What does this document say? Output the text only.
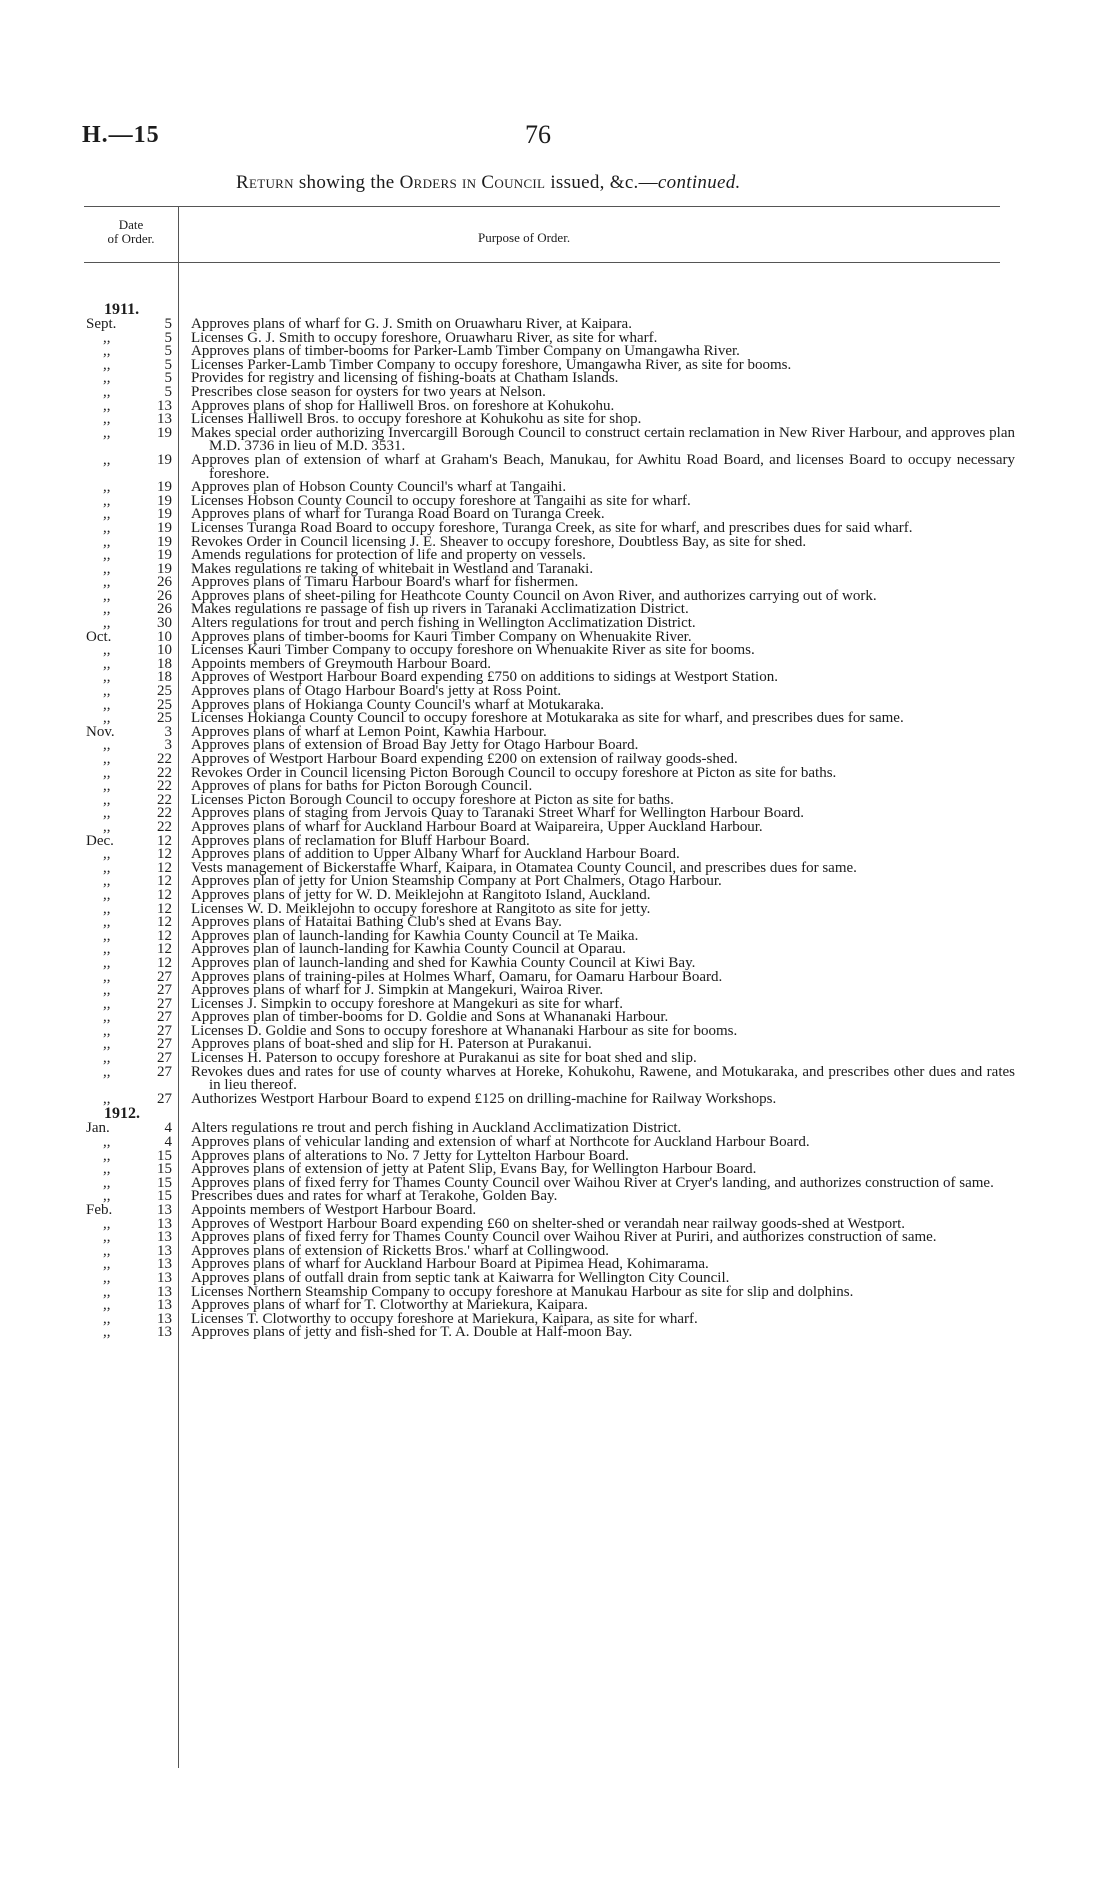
H.—15	76
Return showing the Orders in Council issued, &c.—continued.
Date
of Order.	Purpose of Order.
1911.
Sept.	5 Approves plans of wharf for G. J. Smith on Oruawharu River, at Kaipara.
,,	5 Licenses G. J. Smith to occupy foreshore, Oruawharu River, as site for wharf.
,,	5 Approves plans of timber-booms for Parker-Lamb Timber Company on Umangawha River.
,,	5 Licenses Parker-Lamb Timber Company to occupy foreshore, Umangawha River, as site for booms.
,,	5 Provides for registry and licensing of fishing-boats at Chatham Islands.
,,	5 Prescribes close season for oysters for two years at Nelson.
,,	13 Approves plans of shop for Halliwell Bros. on foreshore at Kohukohu.
,,	13 Licenses Halliwell Bros. to occupy foreshore at Kohukohu as site for shop.
,,	19 Makes special order authorizing Invercargill Borough Council to construct certain reclamation in New River Harbour, and approves plan M.D. 3736 in lieu of M.D. 3531.
,,	19 Approves plan of extension of wharf at Graham's Beach, Manukau, for Awhitu Road Board, and licenses Board to occupy necessary foreshore.
,,	19 Approves plan of Hobson County Council's wharf at Tangaihi.
,,	19 Licenses Hobson County Council to occupy foreshore at Tangaihi as site for wharf.
,,	19 Approves plans of wharf for Turanga Road Board on Turanga Creek.
,,	19 Licenses Turanga Road Board to occupy foreshore, Turanga Creek, as site for wharf, and prescribes dues for said wharf.
,,	19 Revokes Order in Council licensing J. E. Sheaver to occupy foreshore, Doubtless Bay, as site for shed.
,,	19 Amends regulations for protection of life and property on vessels.
,,	19 Makes regulations re taking of whitebait in Westland and Taranaki.
,,	26 Approves plans of Timaru Harbour Board's wharf for fishermen.
,,	26 Approves plans of sheet-piling for Heathcote County Council on Avon River, and authorizes carrying out of work.
,,	26 Makes regulations re passage of fish up rivers in Taranaki Acclimatization District.
,,	30 Alters regulations for trout and perch fishing in Wellington Acclimatization District.
Oct.	10 Approves plans of timber-booms for Kauri Timber Company on Whenuakite River.
,,	10 Licenses Kauri Timber Company to occupy foreshore on Whenuakite River as site for booms.
,,	18 Appoints members of Greymouth Harbour Board.
,,	18 Approves of Westport Harbour Board expending £750 on additions to sidings at Westport Station.
,,	25 Approves plans of Otago Harbour Board's jetty at Ross Point.
,,	25 Approves plans of Hokianga County Council's wharf at Motukaraka.
,,	25 Licenses Hokianga County Council to occupy foreshore at Motukaraka as site for wharf, and prescribes dues for same.
Nov.	3 Approves plans of wharf at Lemon Point, Kawhia Harbour.
,,	3 Approves plans of extension of Broad Bay Jetty for Otago Harbour Board.
,,	22 Approves of Westport Harbour Board expending £200 on extension of railway goods-shed.
,,	22 Revokes Order in Council licensing Picton Borough Council to occupy foreshore at Picton as site for baths.
,,	22 Approves of plans for baths for Picton Borough Council.
,,	22 Licenses Picton Borough Council to occupy foreshore at Picton as site for baths.
,,	22 Approves plans of staging from Jervois Quay to Taranaki Street Wharf for Wellington Harbour Board.
,,	22 Approves plans of wharf for Auckland Harbour Board at Waipareira, Upper Auckland Harbour.
Dec.	12 Approves plans of reclamation for Bluff Harbour Board.
,,	12 Approves plans of addition to Upper Albany Wharf for Auckland Harbour Board.
,,	12 Vests management of Bickerstaffe Wharf, Kaipara, in Otamatea County Council, and prescribes dues for same.
,,	12 Approves plan of jetty for Union Steamship Company at Port Chalmers, Otago Harbour.
,,	12 Approves plans of jetty for W. D. Meiklejohn at Rangitoto Island, Auckland.
,,	12 Licenses W. D. Meiklejohn to occupy foreshore at Rangitoto as site for jetty.
,,	12 Approves plans of Hataitai Bathing Club's shed at Evans Bay.
,,	12 Approves plan of launch-landing for Kawhia County Council at Te Maika.
,,	12 Approves plan of launch-landing for Kawhia County Council at Oparau.
,,	12 Approves plan of launch-landing and shed for Kawhia County Council at Kiwi Bay.
,,	27 Approves plans of training-piles at Holmes Wharf, Oamaru, for Oamaru Harbour Board.
,,	27 Approves plans of wharf for J. Simpkin at Mangekuri, Wairoa River.
,,	27 Licenses J. Simpkin to occupy foreshore at Mangekuri as site for wharf.
,,	27 Approves plan of timber-booms for D. Goldie and Sons at Whananaki Harbour.
,,	27 Licenses D. Goldie and Sons to occupy foreshore at Whananaki Harbour as site for booms.
,,	27 Approves plans of boat-shed and slip for H. Paterson at Purakanui.
,,	27 Licenses H. Paterson to occupy foreshore at Purakanui as site for boat shed and slip.
,,	27 Revokes dues and rates for use of county wharves at Horeke, Kohukohu, Rawene, and Motukaraka, and prescribes other dues and rates in lieu thereof.
,,	27 Authorizes Westport Harbour Board to expend £125 on drilling-machine for Railway Workshops.
1912.
Jan.	4 Alters regulations re trout and perch fishing in Auckland Acclimatization District.
,,	4 Approves plans of vehicular landing and extension of wharf at Northcote for Auckland Harbour Board.
,,	15 Approves plans of alterations to No. 7 Jetty for Lyttelton Harbour Board.
,,	15 Approves plans of extension of jetty at Patent Slip, Evans Bay, for Wellington Harbour Board.
,,	15 Approves plans of fixed ferry for Thames County Council over Waihou River at Cryer's landing, and authorizes construction of same.
,,	15 Prescribes dues and rates for wharf at Terakohe, Golden Bay.
Feb.	13 Appoints members of Westport Harbour Board.
,,	13 Approves of Westport Harbour Board expending £60 on shelter-shed or verandah near railway goods-shed at Westport.
,,	13 Approves plans of fixed ferry for Thames County Council over Waihou River at Puriri, and authorizes construction of same.
,,	13 Approves plans of extension of Ricketts Bros.' wharf at Collingwood.
,,	13 Approves plans of wharf for Auckland Harbour Board at Pipimea Head, Kohimarama.
,,	13 Approves plans of outfall drain from septic tank at Kaiwarra for Wellington City Council.
,,	13 Licenses Northern Steamship Company to occupy foreshore at Manukau Harbour as site for slip and dolphins.
,,	13 Approves plans of wharf for T. Clotworthy at Mariekura, Kaipara.
,,	13 Licenses T. Clotworthy to occupy foreshore at Mariekura, Kaipara, as site for wharf.
,,	13 Approves plans of jetty and fish-shed for T. A. Double at Half-moon Bay.
